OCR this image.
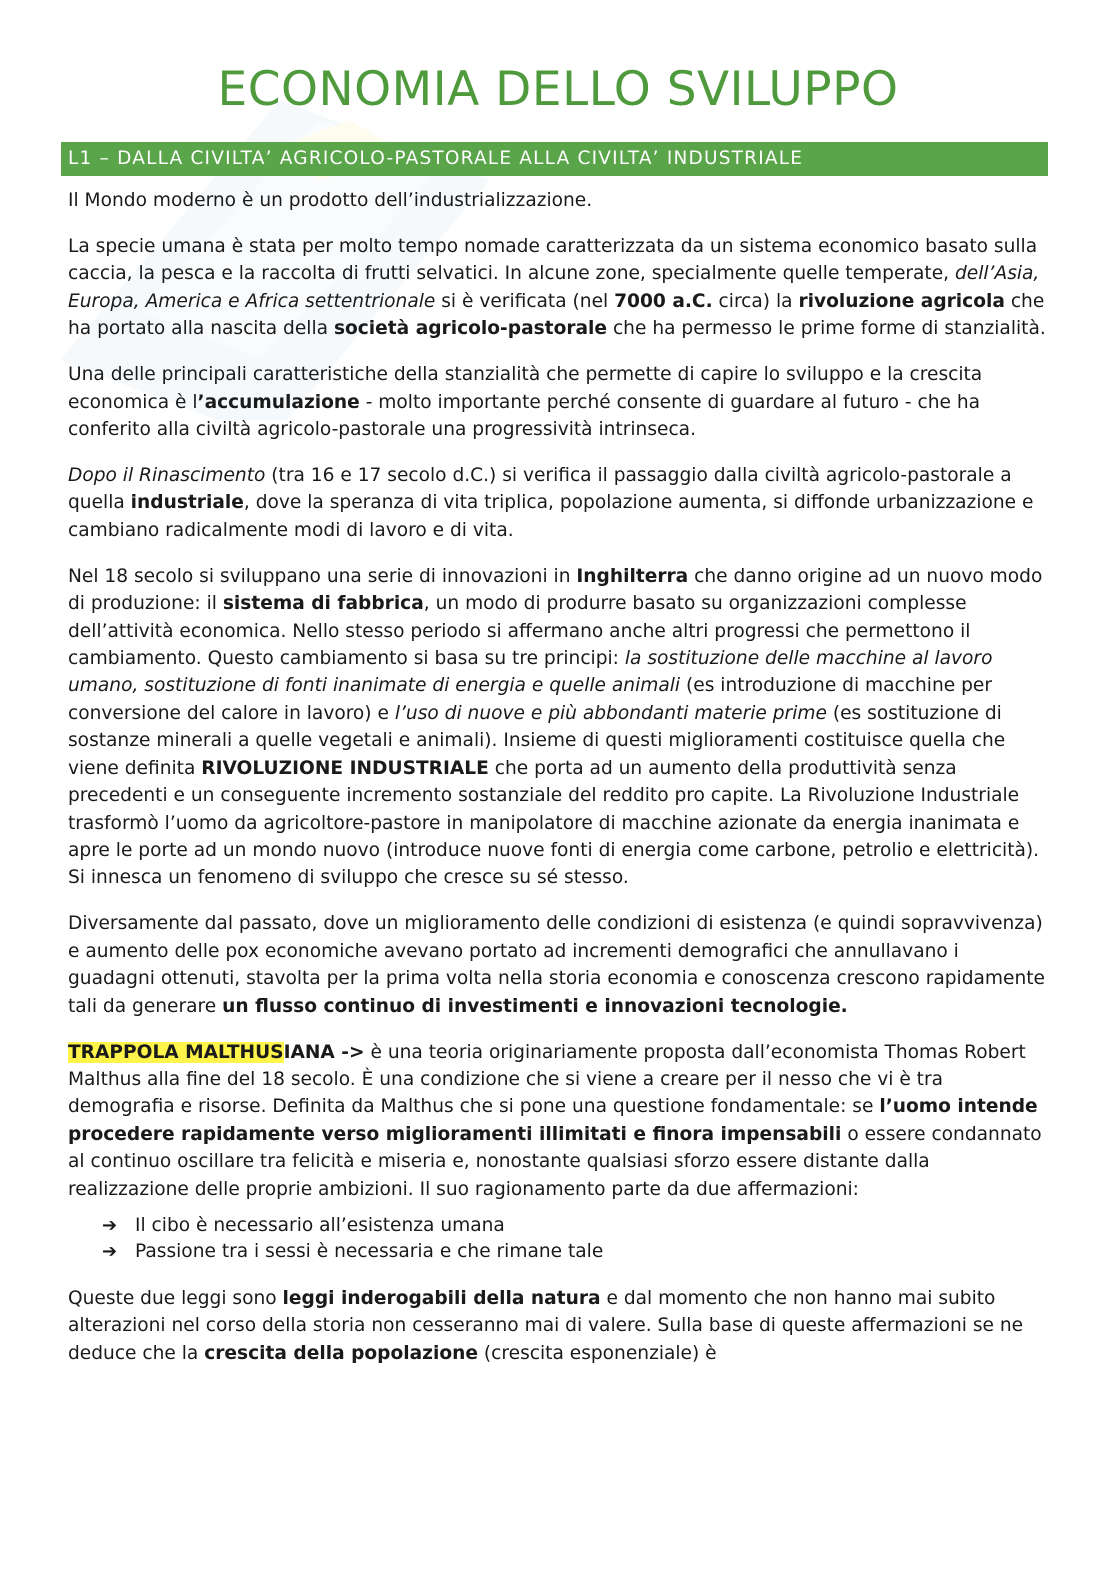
ECONOMIA DELLO SVILUPPO
L1 – DALLA CIVILTA’ AGRICOLO-PASTORALE ALLA CIVILTA’ INDUSTRIALE

Il Mondo moderno è un prodotto dell’industrializzazione.

La specie umana è stata per molto tempo nomade caratterizzata da un sistema economico basato sulla caccia, la pesca e la raccolta di frutti selvatici. In alcune zone, specialmente quelle temperate, dell’Asia, Europa, America e Africa settentrionale si è verificata (nel 7000 a.C. circa) la rivoluzione agricola che ha portato alla nascita della società agricolo-pastorale che ha permesso le prime forme di stanzialità.

Una delle principali caratteristiche della stanzialità che permette di capire lo sviluppo e la crescita economica è l’accumulazione - molto importante perché consente di guardare al futuro - che ha conferito alla civiltà agricolo-pastorale una progressività intrinseca.

Dopo il Rinascimento (tra 16 e 17 secolo d.C.) si verifica il passaggio dalla civiltà agricolo-pastorale a quella industriale, dove la speranza di vita triplica, popolazione aumenta, si diffonde urbanizzazione e cambiano radicalmente modi di lavoro e di vita.

Nel 18 secolo si sviluppano una serie di innovazioni in Inghilterra che danno origine ad un nuovo modo di produzione: il sistema di fabbrica, un modo di produrre basato su organizzazioni complesse dell’attività economica. Nello stesso periodo si affermano anche altri progressi che permettono il cambiamento. Questo cambiamento si basa su tre principi: la sostituzione delle macchine al lavoro umano, sostituzione di fonti inanimate di energia e quelle animali (es introduzione di macchine per conversione del calore in lavoro) e l’uso di nuove e più abbondanti materie prime (es sostituzione di sostanze minerali a quelle vegetali e animali). Insieme di questi miglioramenti costituisce quella che viene definita RIVOLUZIONE INDUSTRIALE che porta ad un aumento della produttività senza precedenti e un conseguente incremento sostanziale del reddito pro capite. La Rivoluzione Industriale trasformò l’uomo da agricoltore-pastore in manipolatore di macchine azionate da energia inanimata e apre le porte ad un mondo nuovo (introduce nuove fonti di energia come carbone, petrolio e elettricità). Si innesca un fenomeno di sviluppo che cresce su sé stesso.

Diversamente dal passato, dove un miglioramento delle condizioni di esistenza (e quindi sopravvivenza) e aumento delle pox economiche avevano portato ad incrementi demografici che annullavano i guadagni ottenuti, stavolta per la prima volta nella storia economia e conoscenza crescono rapidamente tali da generare un flusso continuo di investimenti e innovazioni tecnologie.

TRAPPOLA MALTHUSIANA -> è una teoria originariamente proposta dall’economista Thomas Robert Malthus alla fine del 18 secolo. È una condizione che si viene a creare per il nesso che vi è tra demografia e risorse. Definita da Malthus che si pone una questione fondamentale: se l’uomo intende procedere rapidamente verso miglioramenti illimitati e finora impensabili o essere condannato al continuo oscillare tra felicità e miseria e, nonostante qualsiasi sforzo essere distante dalla realizzazione delle proprie ambizioni. Il suo ragionamento parte da due affermazioni:

➔ Il cibo è necessario all’esistenza umana
➔ Passione tra i sessi è necessaria e che rimane tale

Queste due leggi sono leggi inderogabili della natura e dal momento che non hanno mai subito alterazioni nel corso della storia non cesseranno mai di valere. Sulla base di queste affermazioni se ne deduce che la crescita della popolazione (crescita esponenziale) è
